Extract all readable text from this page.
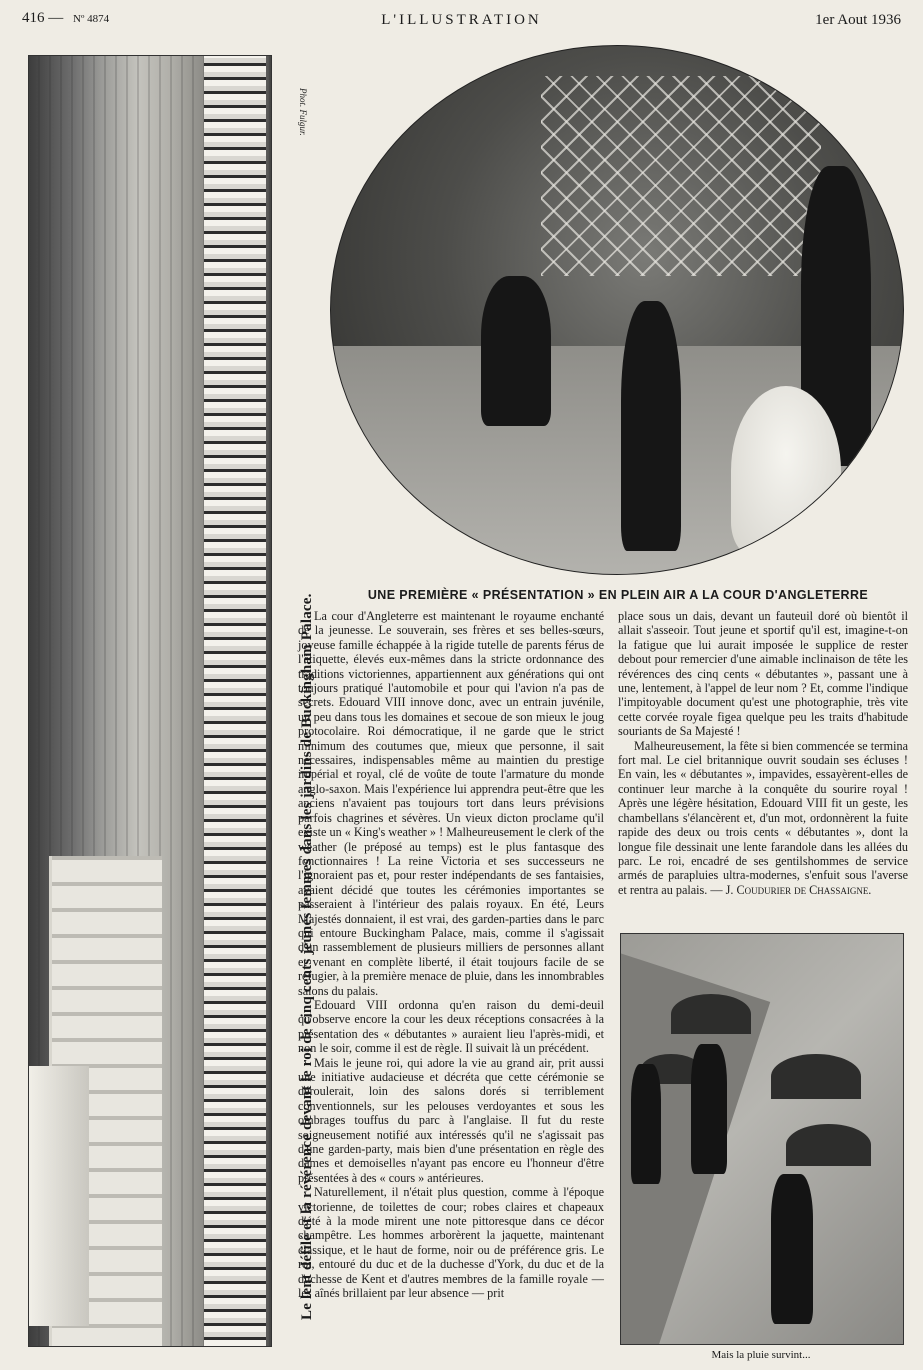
416 — Nº 4874	L'ILLUSTRATION	1er Aout 1936
Phot. Fulgur.
Le lent défilé et la révérence devant le roi de cinq cents jeunes femmes dans les jardins de Buckingham Palace.	UNE PREMIÈRE « PRÉSENTATION » EN PLEIN AIR A LA COUR D'ANGLETERRE

La cour d'Angleterre est maintenant le royaume enchanté de la jeunesse. Le souverain, ses frères et ses belles-sœurs, joyeuse famille échappée à la rigide tutelle de parents férus de l'étiquette, élevés eux-mêmes dans la stricte ordonnance des traditions victoriennes, appartiennent aux générations qui ont toujours pratiqué l'automobile et pour qui l'avion n'a pas de secrets. Edouard VIII innove donc, avec un entrain juvénile, un peu dans tous les domaines et secoue de son mieux le joug protocolaire. Roi démocratique, il ne garde que le strict minimum des coutumes que, mieux que personne, il sait nécessaires, indispensables même au maintien du prestige impérial et royal, clé de voûte de toute l'armature du monde anglo-saxon. Mais l'expérience lui apprendra peut-être que les anciens n'avaient pas toujours tort dans leurs prévisions parfois chagrines et sévères. Un vieux dicton proclame qu'il existe un « King's weather » ! Malheureusement le clerk of the weather (le préposé au temps) est le plus fantasque des fonctionnaires ! La reine Victoria et ses successeurs ne l'ignoraient pas et, pour rester indépendants de ses fantaisies, avaient décidé que toutes les cérémonies importantes se passeraient à l'intérieur des palais royaux. En été, Leurs Majestés donnaient, il est vrai, des garden-parties dans le parc qui entoure Buckingham Palace, mais, comme il s'agissait d'un rassemblement de plusieurs milliers de personnes allant et venant en complète liberté, il était toujours facile de se réfugier, à la première menace de pluie, dans les innombrables salons du palais.

Edouard VIII ordonna qu'en raison du demi-deuil qu'observe encore la cour les deux réceptions consacrées à la présentation des « débutantes » auraient lieu l'après-midi, et non le soir, comme il est de règle. Il suivait là un précédent.

Mais le jeune roi, qui adore la vie au grand air, prit aussi une initiative audacieuse et décréta que cette cérémonie se déroulerait, loin des salons dorés si terriblement conventionnels, sur les pelouses verdoyantes et sous les ombrages touffus du parc à l'anglaise. Il fut du reste soigneusement notifié aux intéressés qu'il ne s'agissait pas d'une garden-party, mais bien d'une présentation en règle des dames et demoiselles n'ayant pas encore eu l'honneur d'être présentées à des « cours » antérieures.

Naturellement, il n'était plus question, comme à l'époque victorienne, de toilettes de cour; robes claires et chapeaux d'été à la mode mirent une note pittoresque dans ce décor champêtre. Les hommes arborèrent la jaquette, maintenant classique, et le haut de forme, noir ou de préférence gris. Le roi, entouré du duc et de la duchesse d'York, du duc et de la duchesse de Kent et d'autres membres de la famille royale — les aînés brillaient par leur absence — prit

place sous un dais, devant un fauteuil doré où bientôt il allait s'asseoir. Tout jeune et sportif qu'il est, imagine-t-on la fatigue que lui aurait imposée le supplice de rester debout pour remercier d'une aimable inclinaison de tête les révérences des cinq cents « débutantes », passant une à une, lentement, à l'appel de leur nom ? Et, comme l'indique l'impitoyable document qu'est une photographie, très vite cette corvée royale figea quelque peu les traits d'habitude souriants de Sa Majesté !

Malheureusement, la fête si bien commencée se termina fort mal. Le ciel britannique ouvrit soudain ses écluses ! En vain, les « débutantes », impavides, essayèrent-elles de continuer leur marche à la conquête du sourire royal ! Après une légère hésitation, Edouard VIII fit un geste, les chambellans s'élancèrent et, d'un mot, ordonnèrent la fuite rapide des deux ou trois cents « débutantes », dont la longue file dessinait une lente farandole dans les allées du parc. Le roi, encadré de ses gentilshommes de service armés de parapluies ultra-modernes, s'enfuit sous l'averse et rentra au palais. — J. Coudurier de Chassaigne.

Mais la pluie survint...
